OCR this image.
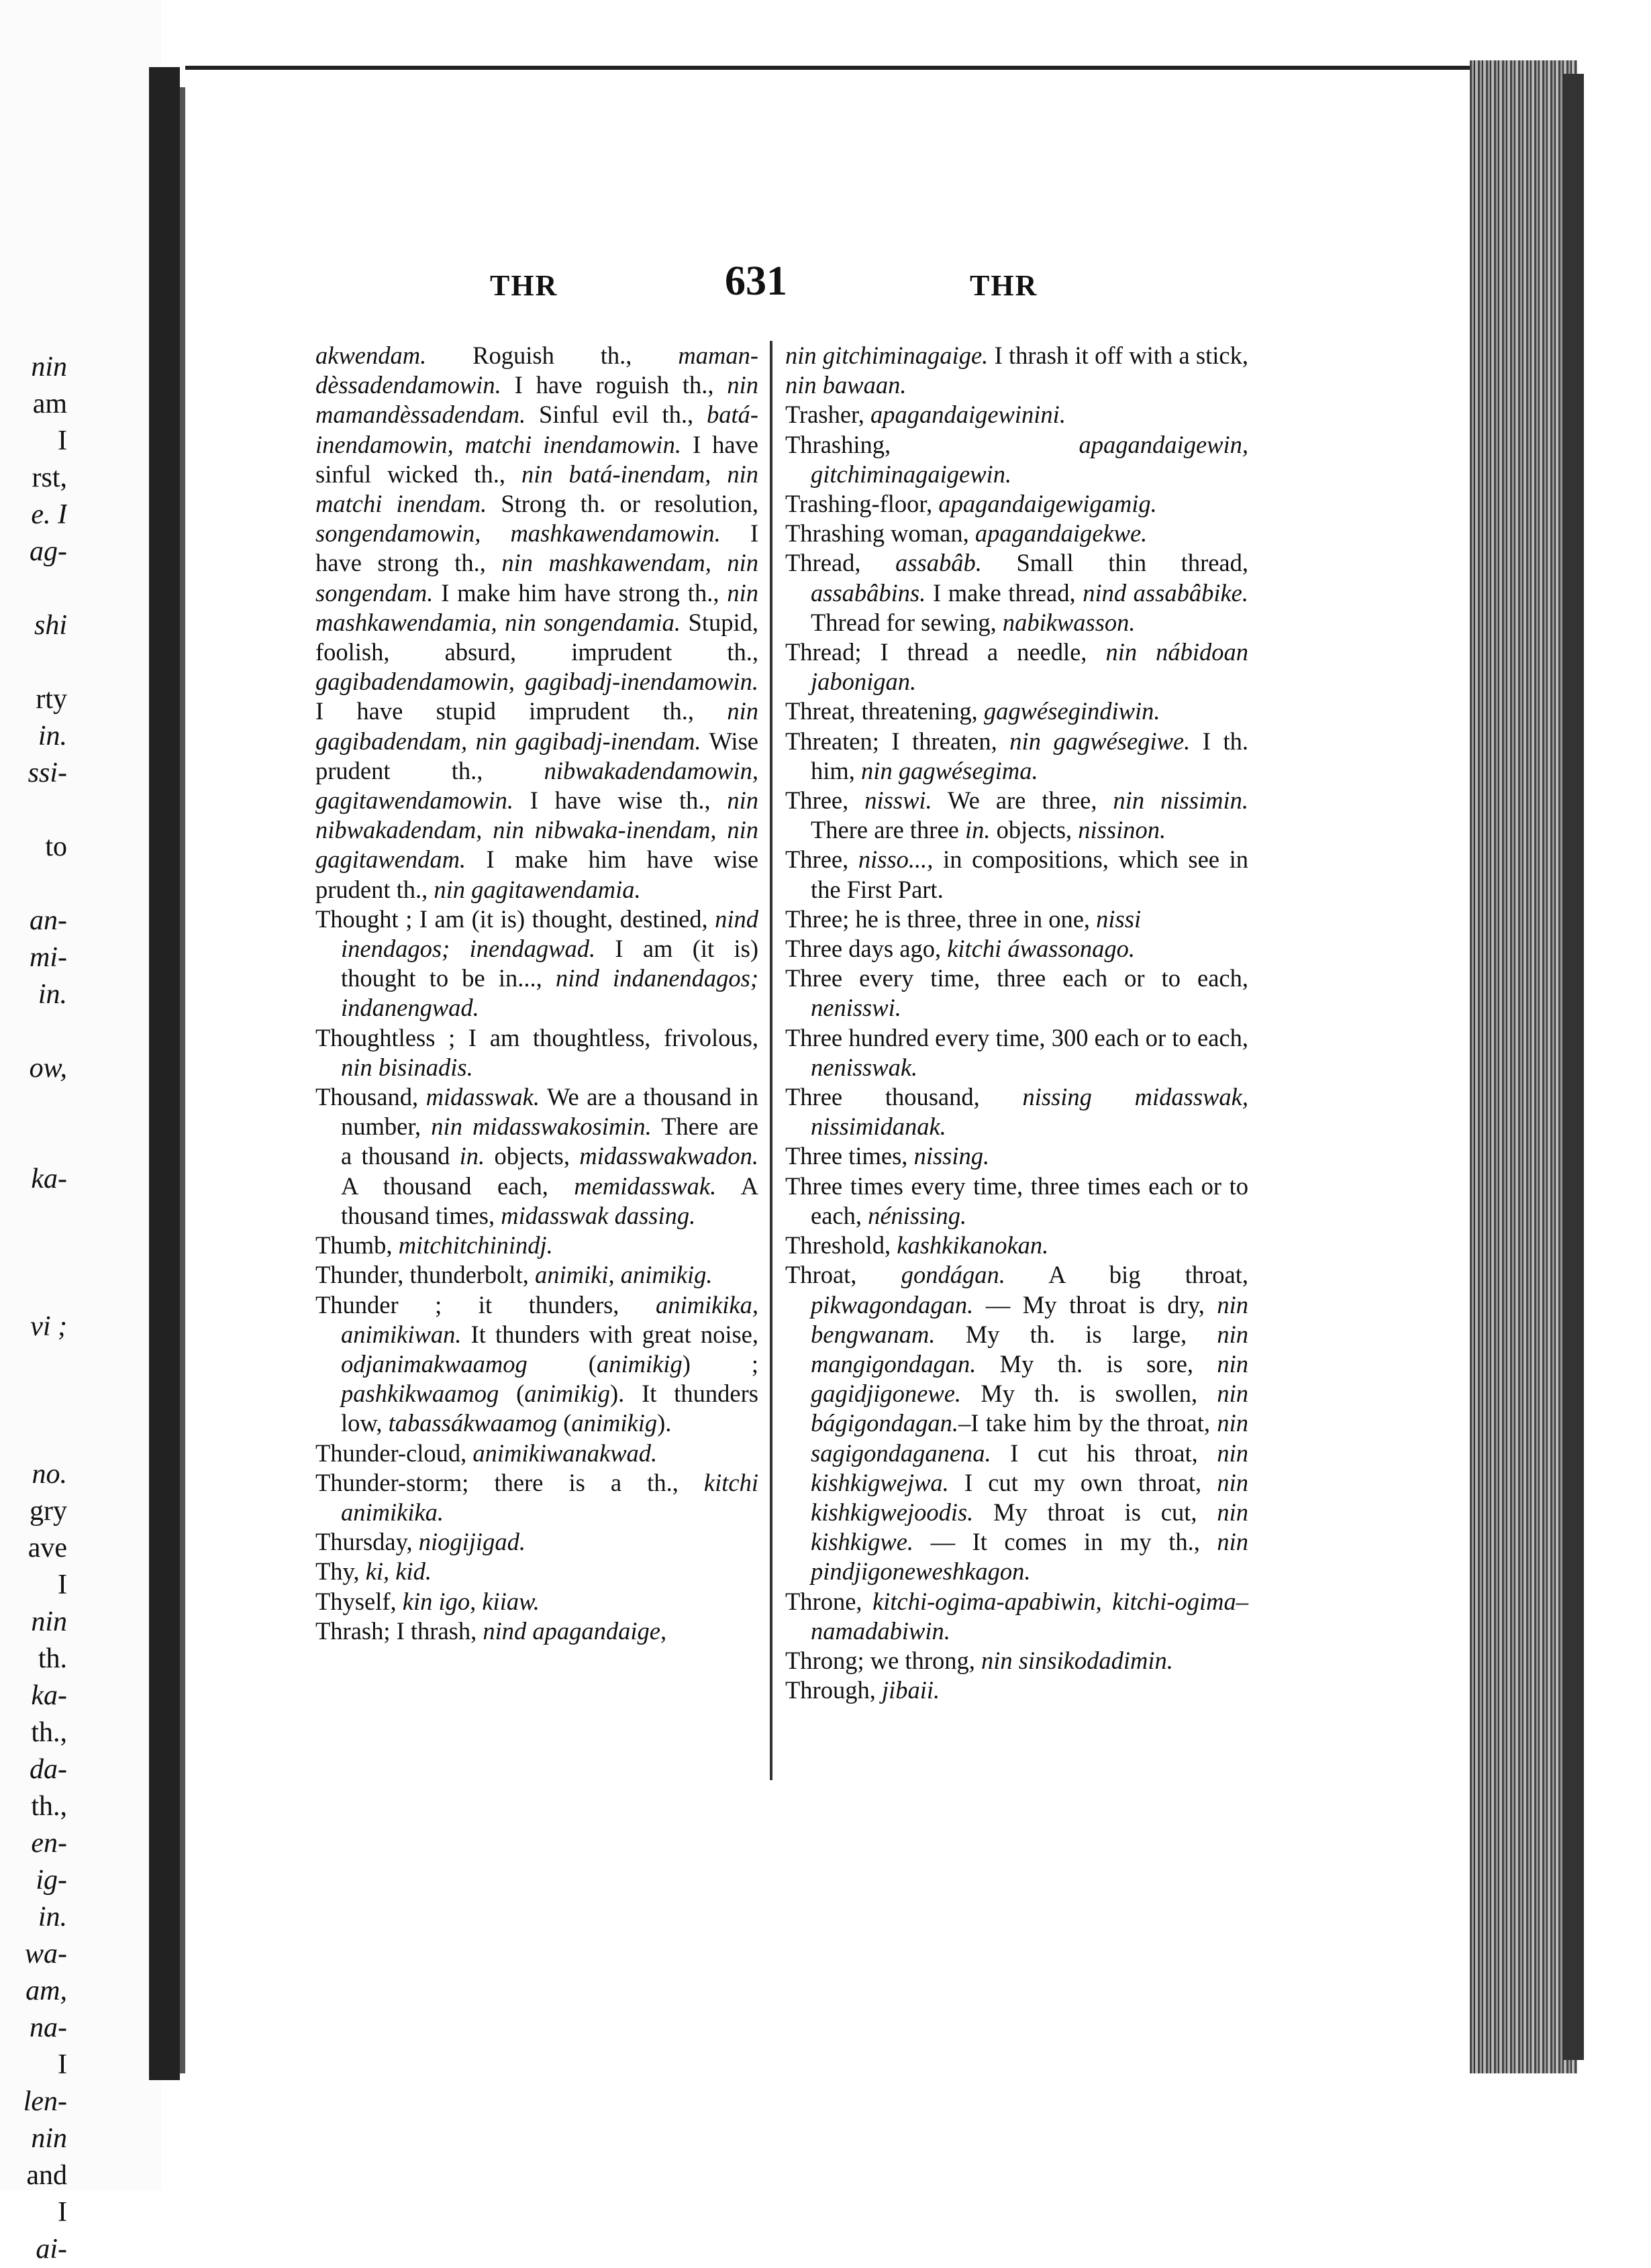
nin
am
I
rst,
e. I
ag-
shi
rty
in.
ssi-
to
an-
mi-
in.
ow,
ka-
vi ;
no.
gry
ave
I
nin
th.
ka-
th.,
da-
th.,
en-
ig-
in.
wa-
am,
na-
I
len-
nin
and
I
ai-
THR	631	THR

akwendam. Roguish th., maman-dèssadendamowin. I have roguish th., nin mamandèssadendam. Sinful evil th., batá-inendamowin, matchi inendamowin. I have sinful wicked th., nin batá-inendam, nin matchi inendam. Strong th. or resolution, songendamowin, mashkawendamowin. I have strong th., nin mashkawendam, nin songendam. I make him have strong th., nin mashkawendamia, nin songendamia. Stupid, foolish, absurd, imprudent th., gagibadendamowin, gagibadj-inendamowin. I have stupid imprudent th., nin gagibadendam, nin gagibadj-inendam. Wise prudent th., nibwakadendamowin, gagitawendamowin. I have wise th., nin nibwakadendam, nin nibwaka-inendam, nin gagitawendam. I make him have wise prudent th., nin gagitawendamia.

Thought ; I am (it is) thought, destined, nind inendagos; inendagwad. I am (it is) thought to be in..., nind indanendagos; indanengwad.

Thoughtless ; I am thoughtless, frivolous, nin bisinadis.

Thousand, midasswak. We are a thousand in number, nin midasswakosimin. There are a thousand in. objects, midasswakwadon. A thousand each, memidasswak. A thousand times, midasswak dassing.

Thumb, mitchitchinindj.

Thunder, thunderbolt, animiki, animikig.

Thunder ; it thunders, animikika, animikiwan. It thunders with great noise, odjanimakwaamog (animikig) ; pashkikwaamog (animikig). It thunders low, tabassákwaamog (animikig).

Thunder-cloud, animikiwanakwad.

Thunder-storm; there is a th., kitchi animikika.

Thursday, niogijigad.

Thy, ki, kid.

Thyself, kin igo, kiiaw.

Thrash; I thrash, nind apagandaige,

nin gitchiminagaige. I thrash it off with a stick, nin bawaan.

Trasher, apagandaigewinini.

Thrashing, apagandaigewin, gitchiminagaigewin.

Trashing-floor, apagandaigewigamig.

Thrashing woman, apagandaigekwe.

Thread, assabâb. Small thin thread, assabâbins. I make thread, nind assabâbike. Thread for sewing, nabikwasson.

Thread; I thread a needle, nin nábidoan jabonigan.

Threat, threatening, gagwésegindiwin.

Threaten; I threaten, nin gagwésegiwe. I th. him, nin gagwésegima.

Three, nisswi. We are three, nin nissimin. There are three in. objects, nissinon.

Three, nisso..., in compositions, which see in the First Part.

Three; he is three, three in one, nissi

Three days ago, kitchi áwassonago.

Three every time, three each or to each, nenisswi.

Three hundred every time, 300 each or to each, nenisswak.

Three thousand, nissing midasswak, nissimidanak.

Three times, nissing.

Three times every time, three times each or to each, nénissing.

Threshold, kashkikanokan.

Throat, gondágan. A big throat, pikwagondagan. — My throat is dry, nin bengwanam. My th. is large, nin mangigondagan. My th. is sore, nin gagidjigonewe. My th. is swollen, nin bágigondagan.–I take him by the throat, nin sagigondaganena. I cut his throat, nin kishkigwejwa. I cut my own throat, nin kishkigwejoodis. My throat is cut, nin kishkigwe. — It comes in my th., nin pindjigoneweshkagon.

Throne, kitchi-ogima-apabiwin, kitchi-ogima–namadabiwin.

Throng; we throng, nin sinsikodadimin.

Through, jibaii.
